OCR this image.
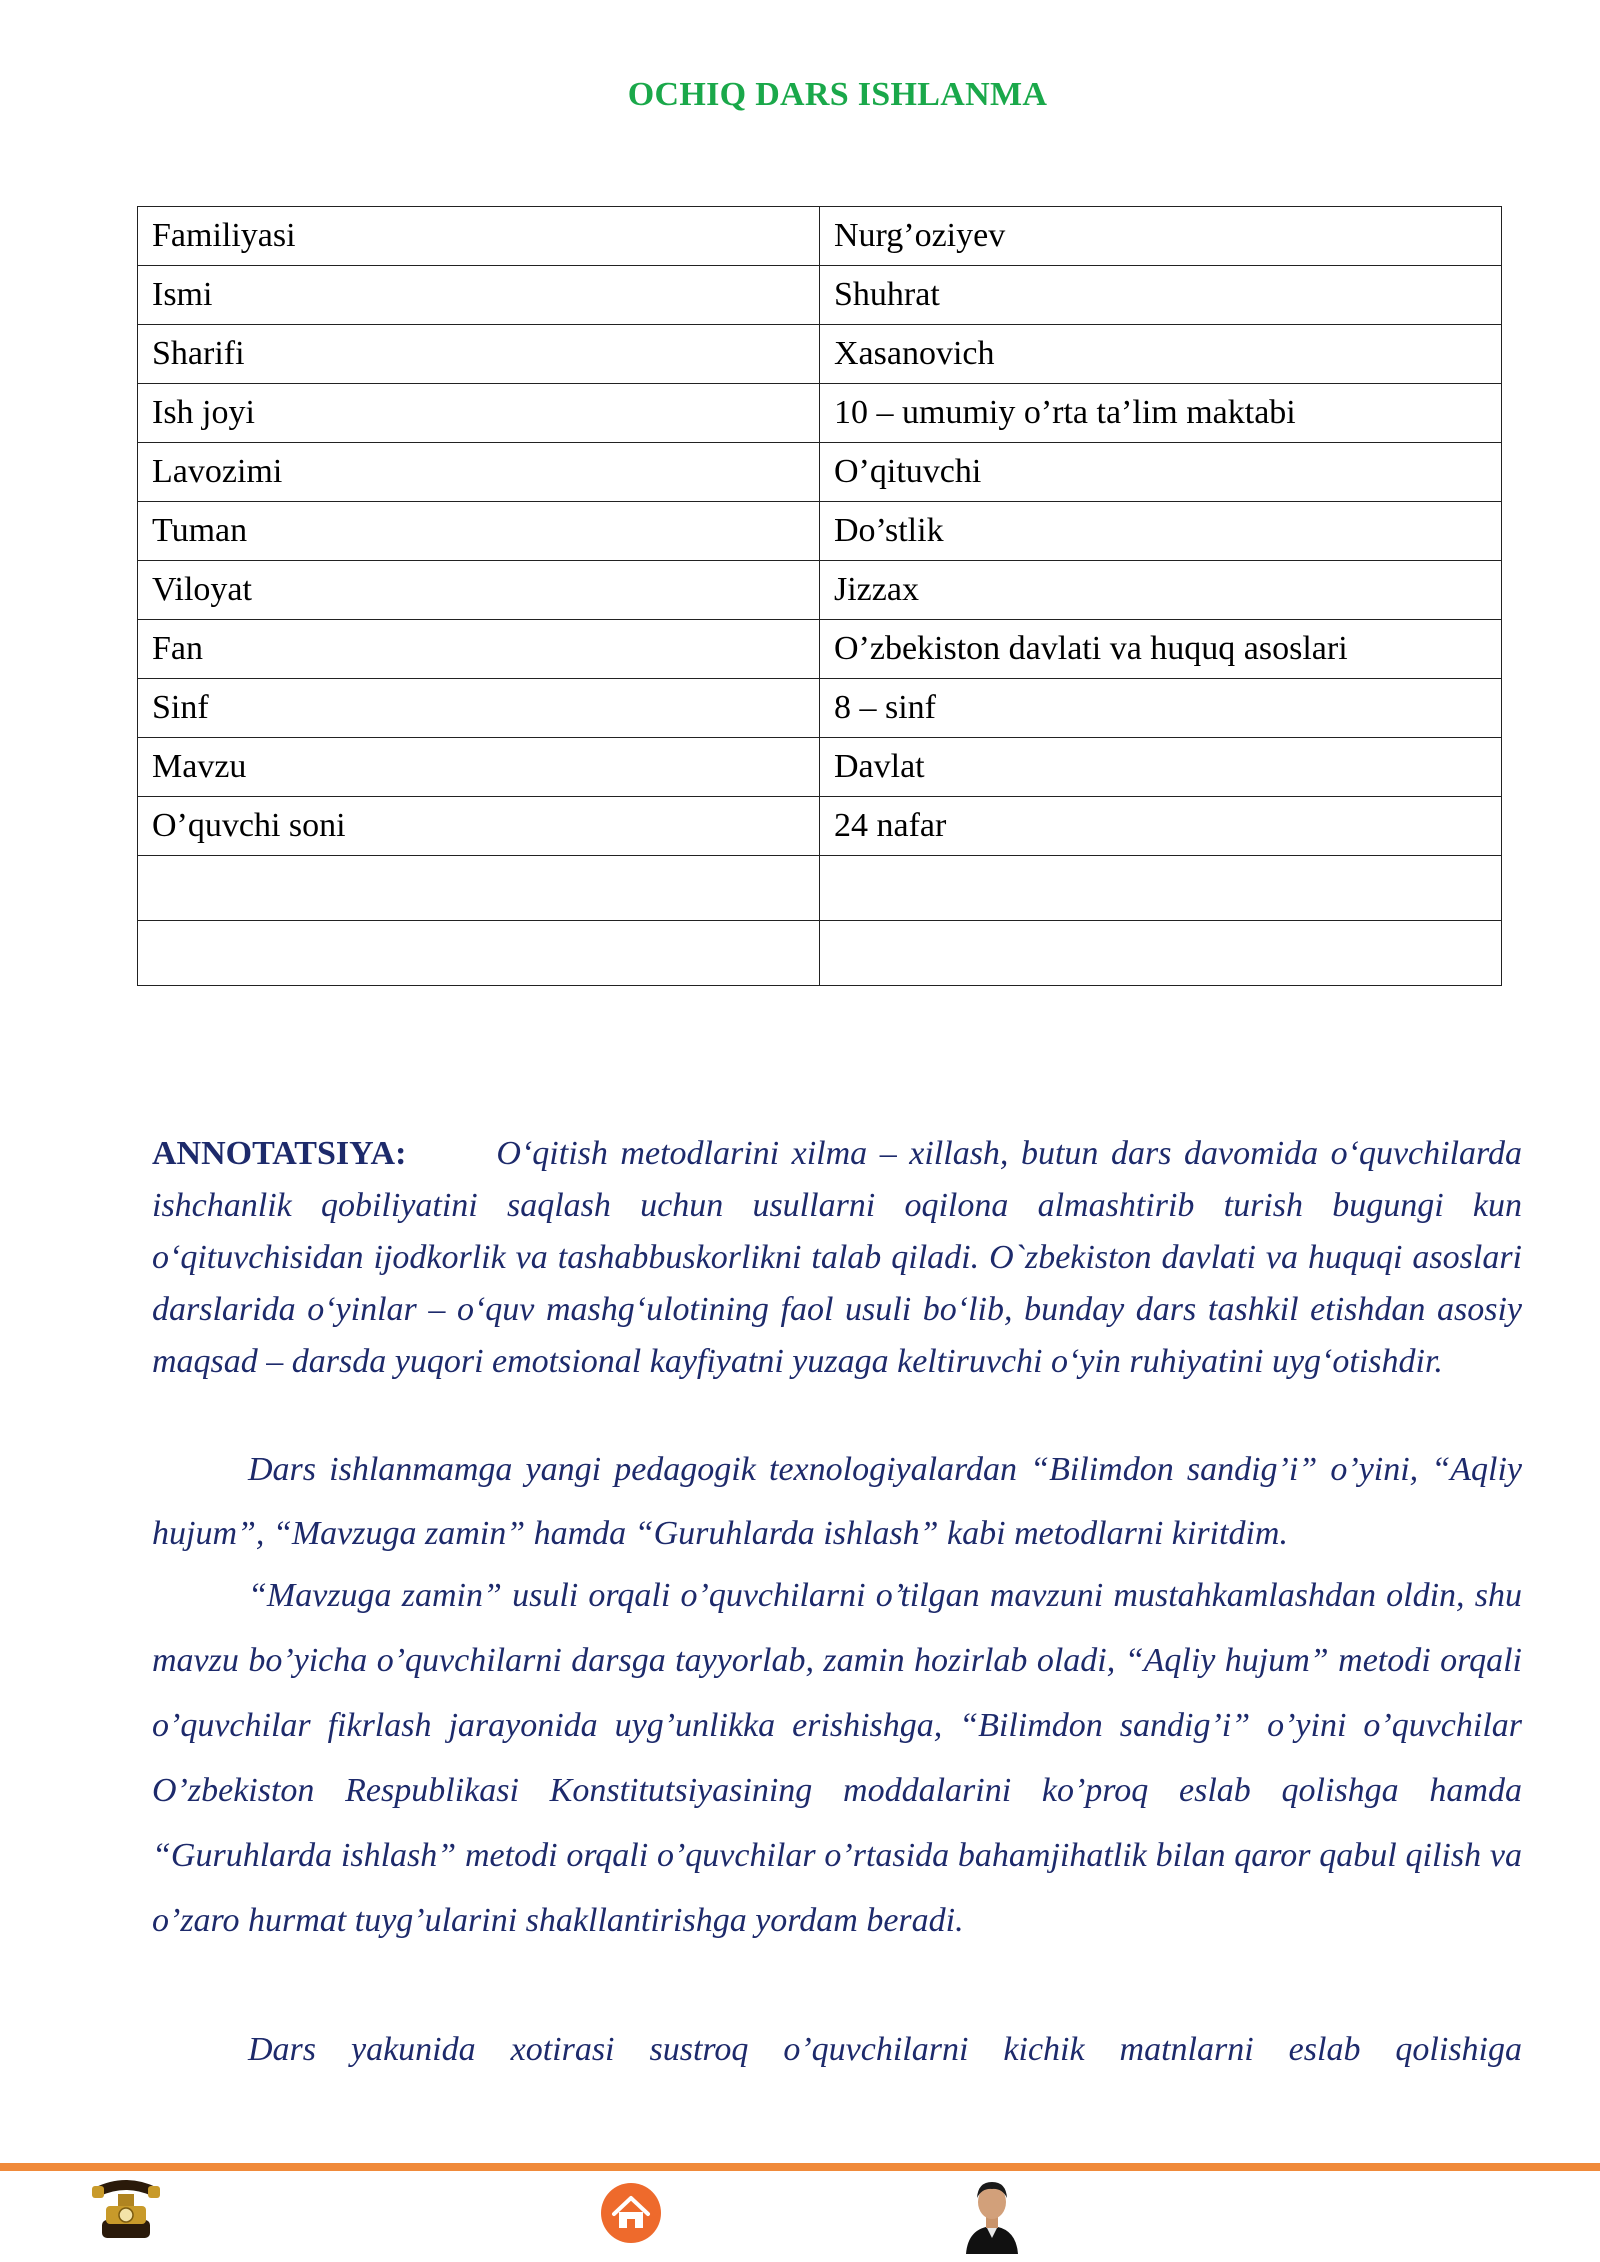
OCHIQ DARS ISHLANMA
Familiyasi	Nurg’oziyev
Ismi	Shuhrat
Sharifi	Xasanovich
Ish joyi	10 – umumiy o’rta ta’lim maktabi
Lavozimi	O’qituvchi
Tuman	Do’stlik
Viloyat	Jizzax
Fan	O’zbekiston davlati va huquq asoslari
Sinf	8 – sinf
Mavzu	Davlat
O’quvchi soni	24 nafar

ANNOTATSIYA:	O‘qitish metodlarini xilma – xillash, butun dars davomida o‘quvchilarda ishchanlik qobiliyatini saqlash uchun usullarni oqilona almashtirib turish bugungi kun o‘qituvchisidan ijodkorlik va tashabbuskorlikni talab qiladi. O`zbekiston davlati va huquqi asoslari darslarida o‘yinlar – o‘quv mashg‘ulotining faol usuli bo‘lib, bunday dars tashkil etishdan asosiy maqsad – darsda yuqori emotsional kayfiyatni yuzaga keltiruvchi o‘yin ruhiyatini uyg‘otishdir.
Dars ishlanmamga yangi pedagogik texnologiyalardan “Bilimdon sandig’i” o’yini, “Aqliy hujum”, “Mavzuga zamin” hamda “Guruhlarda ishlash” kabi metodlarni kiritdim.
“Mavzuga zamin” usuli orqali o’quvchilarni o’tilgan mavzuni mustahkamlashdan oldin, shu mavzu bo’yicha o’quvchilarni darsga tayyorlab, zamin hozirlab oladi, “Aqliy hujum” metodi orqali o’quvchilar fikrlash jarayonida uyg’unlikka erishishga, “Bilimdon sandig’i” o’yini o’quvchilar O’zbekiston Respublikasi Konstitutsiyasining moddalarini ko’proq eslab qolishga hamda “Guruhlarda ishlash” metodi orqali o’quvchilar o’rtasida bahamjihatlik bilan qaror qabul qilish va o’zaro hurmat tuyg’ularini shakllantirishga yordam beradi.
Dars yakunida xotirasi sustroq o’quvchilarni kichik matnlarni eslab qolishiga
